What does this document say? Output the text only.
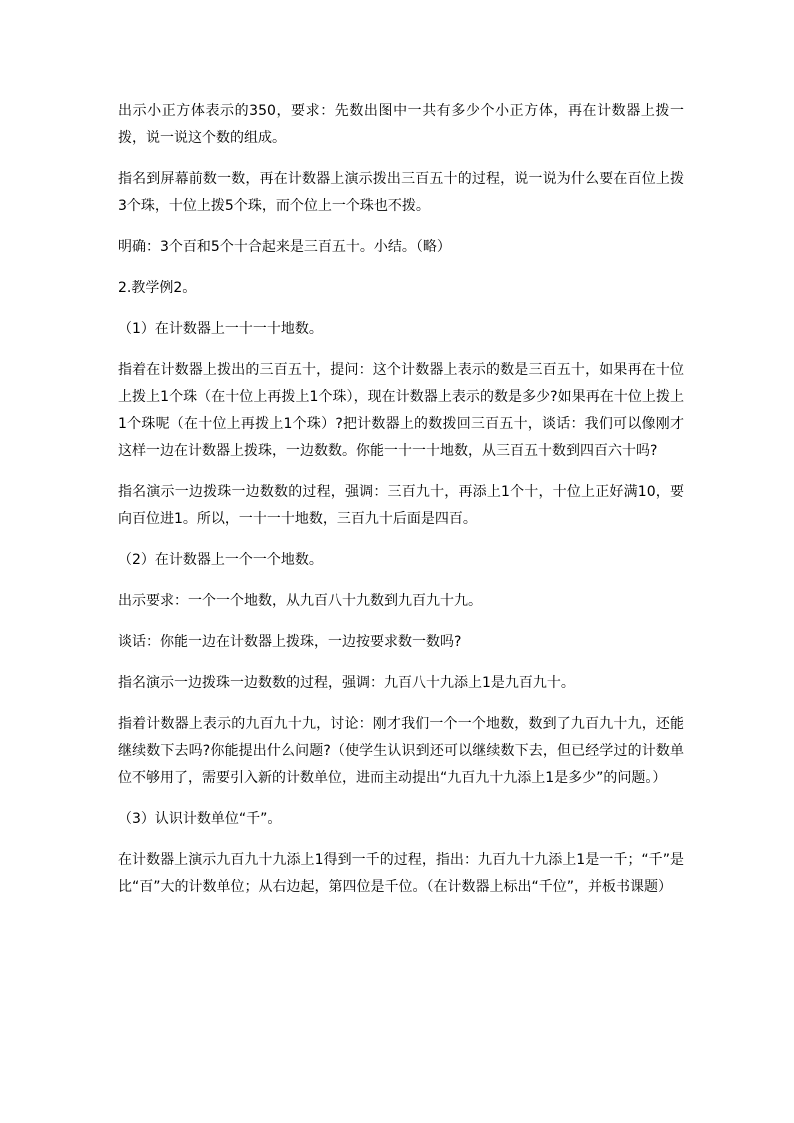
出示小正方体表示的350，要求：先数出图中一共有多少个小正方体，再在计数器上拨一拨，说一说这个数的组成。

指名到屏幕前数一数，再在计数器上演示拨出三百五十的过程，说一说为什么要在百位上拨3个珠，十位上拨5个珠，而个位上一个珠也不拨。

明确：3个百和5个十合起来是三百五十。小结。（略）

2.教学例2。

（1）在计数器上一十一十地数。

指着在计数器上拨出的三百五十，提问：这个计数器上表示的数是三百五十，如果再在十位上拨上1个珠（在十位上再拨上1个珠），现在计数器上表示的数是多少?如果再在十位上拨上1个珠呢（在十位上再拨上1个珠）?把计数器上的数拨回三百五十，谈话：我们可以像刚才这样一边在计数器上拨珠，一边数数。你能一十一十地数，从三百五十数到四百六十吗?

指名演示一边拨珠一边数数的过程，强调：三百九十，再添上1个十，十位上正好满10，要向百位进1。所以，一十一十地数，三百九十后面是四百。

（2）在计数器上一个一个地数。

出示要求：一个一个地数，从九百八十九数到九百九十九。

谈话：你能一边在计数器上拨珠，一边按要求数一数吗?

指名演示一边拨珠一边数数的过程，强调：九百八十九添上1是九百九十。

指着计数器上表示的九百九十九，讨论：刚才我们一个一个地数，数到了九百九十九，还能继续数下去吗?你能提出什么问题?（使学生认识到还可以继续数下去，但已经学过的计数单位不够用了，需要引入新的计数单位，进而主动提出“九百九十九添上1是多少”的问题。）

（3）认识计数单位“千”。

在计数器上演示九百九十九添上1得到一千的过程，指出：九百九十九添上1是一千；“千”是比“百”大的计数单位；从右边起，第四位是千位。（在计数器上标出“千位”，并板书课题）
